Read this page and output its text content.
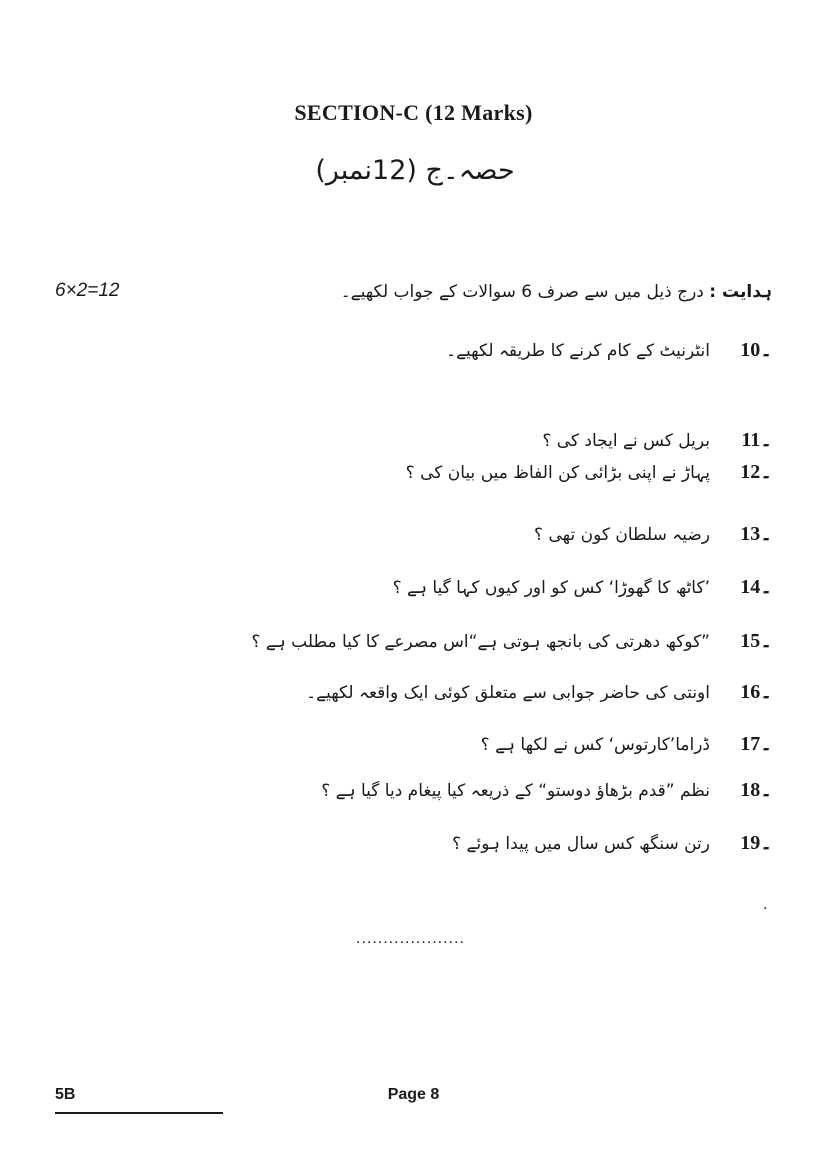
SECTION-C (12 Marks)
حصہ۔ج (12نمبر)
6×2=12	ہدایت : درج ذیل میں سے صرف 6 سوالات کے جواب لکھیے۔
10۔انٹرنیٹ کے کام کرنے کا طریقہ لکھیے۔
11۔بریل کس نے ایجاد کی ؟
12۔پہاڑ نے اپنی بڑائی کن الفاظ میں بیان کی ؟
13۔رضیہ سلطان کون تھی ؟
14۔’کاٹھ کا گھوڑا‘ کس کو اور کیوں کہا گیا ہے ؟
15۔”کوکھ دھرتی کی بانجھ ہوتی ہے“اس مصرعے کا کیا مطلب ہے ؟
16۔اونتی کی حاضر جوابی سے متعلق کوئی ایک واقعہ لکھیے۔
17۔ڈراما’کارتوس‘ کس نے لکھا ہے ؟
18۔نظم ”قدم بڑھاؤ دوستو“ کے ذریعہ کیا پیغام دیا گیا ہے ؟
19۔رتن سنگھ کس سال میں پیدا ہوئے ؟
.
....................
5B	Page 8
